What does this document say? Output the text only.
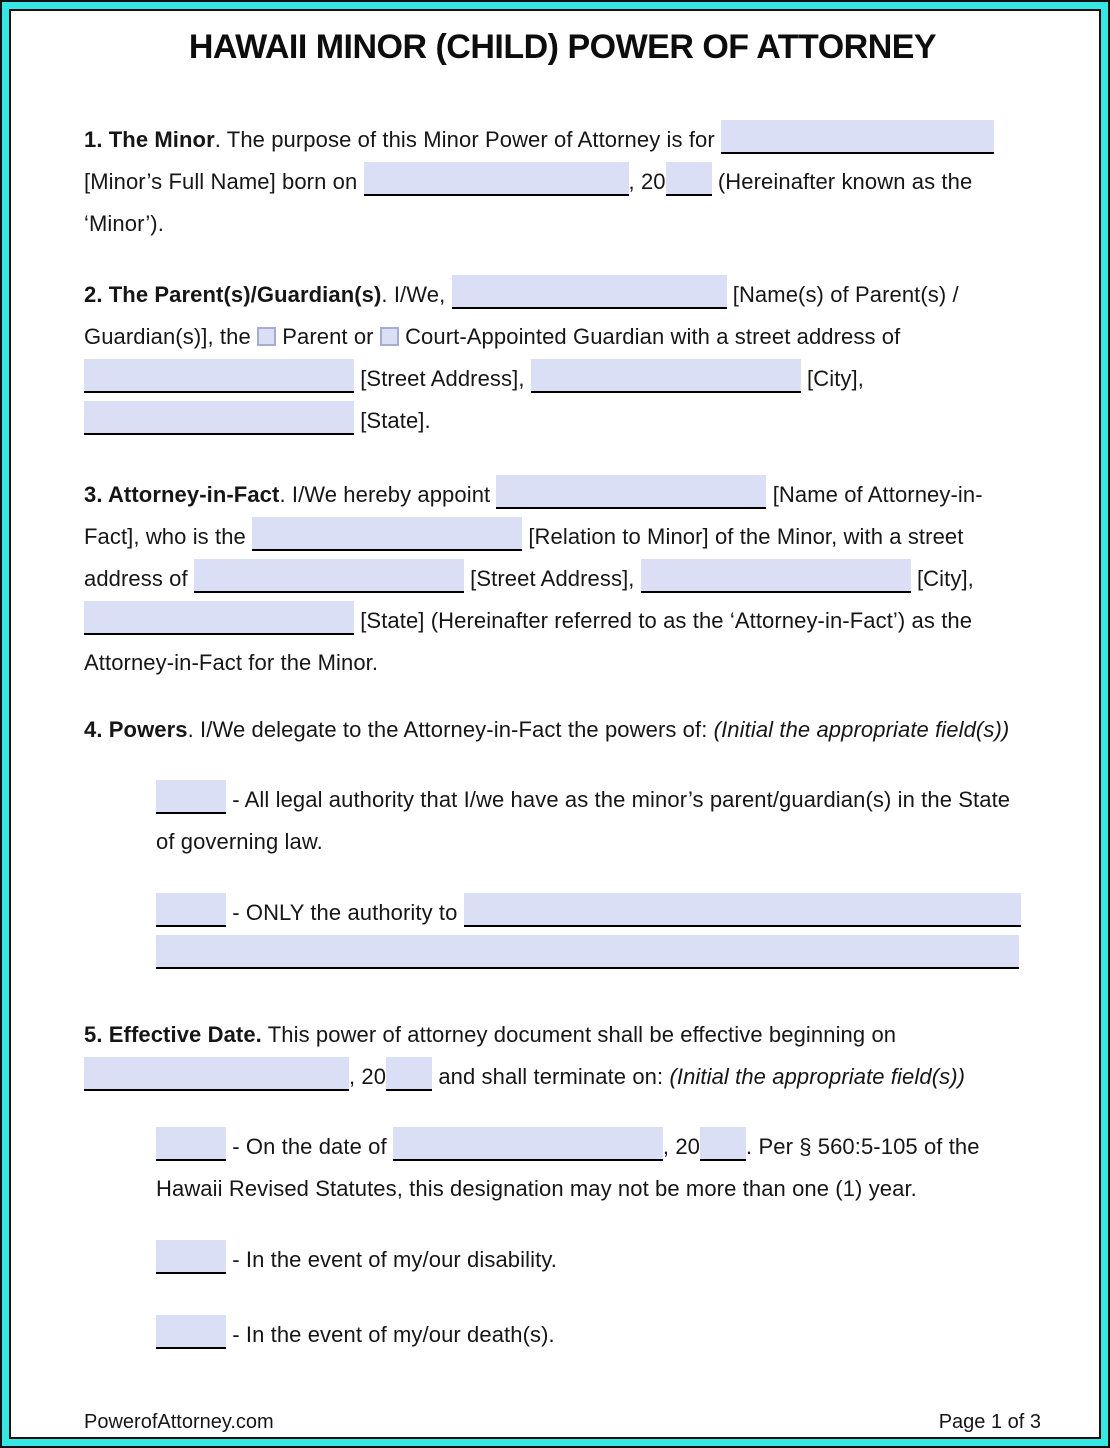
HAWAII MINOR (CHILD) POWER OF ATTORNEY
1. The Minor. The purpose of this Minor Power of Attorney is for
[Minor’s Full Name] born on	, 20 (Hereinafter known as the
‘Minor’).
2. The Parent(s)/Guardian(s). I/We,	[Name(s) of Parent(s) /
Guardian(s)], the Parent or Court-Appointed Guardian with a street address of
[Street Address],	[City],
[State].
3. Attorney-in-Fact. I/We hereby appoint	[Name of Attorney-in-
Fact], who is the	[Relation to Minor] of the Minor, with a street
address of	[Street Address],	[City],
[State] (Hereinafter referred to as the ‘Attorney-in-Fact’) as the
Attorney-in-Fact for the Minor.
4. Powers. I/We delegate to the Attorney-in-Fact the powers of: (Initial the appropriate field(s))
- All legal authority that I/we have as the minor’s parent/guardian(s) in the State
of governing law.
- ONLY the authority to
5. Effective Date. This power of attorney document shall be effective beginning on
, 20 and shall terminate on: (Initial the appropriate field(s))
- On the date of	, 20 . Per § 560:5-105 of the
Hawaii Revised Statutes, this designation may not be more than one (1) year.
- In the event of my/our disability.
- In the event of my/our death(s).
PowerofAttorney.com	Page 1 of 3
